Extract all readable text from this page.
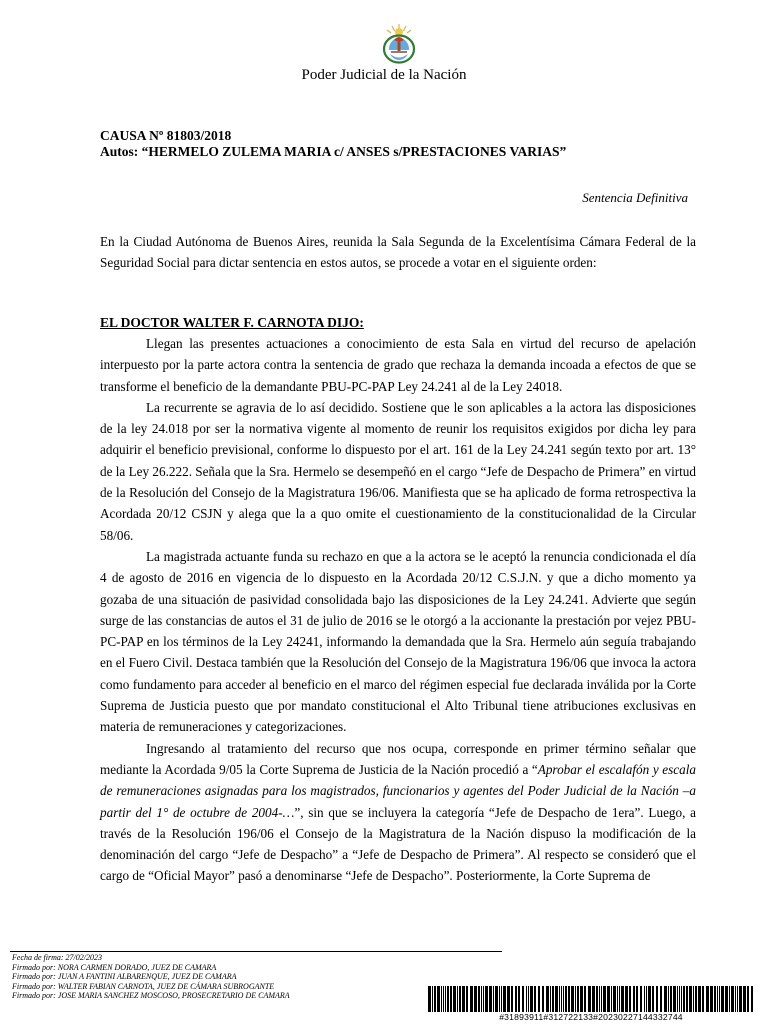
Poder Judicial de la Nación
CAUSA Nº 81803/2018
Autos: “HERMELO ZULEMA MARIA c/ ANSES s/PRESTACIONES VARIAS”
Sentencia Definitiva

En la Ciudad Autónoma de Buenos Aires, reunida la Sala Segunda de la Excelentísima Cámara Federal de la Seguridad Social para dictar sentencia en estos autos, se procede a votar en el siguiente orden:

EL DOCTOR WALTER F. CARNOTA DIJO:

Llegan las presentes actuaciones a conocimiento de esta Sala en virtud del recurso de apelación interpuesto por la parte actora contra la sentencia de grado que rechaza la demanda incoada a efectos de que se transforme el beneficio de la demandante PBU-PC-PAP Ley 24.241 al de la Ley 24018.

La recurrente se agravia de lo así decidido. Sostiene que le son aplicables a la actora las disposiciones de la ley 24.018 por ser la normativa vigente al momento de reunir los requisitos exigidos por dicha ley para adquirir el beneficio previsional, conforme lo dispuesto por el art. 161 de la Ley 24.241 según texto por art. 13° de la Ley 26.222. Señala que la Sra. Hermelo se desempeñó en el cargo “Jefe de Despacho de Primera” en virtud de la Resolución del Consejo de la Magistratura 196/06. Manifiesta que se ha aplicado de forma retrospectiva la Acordada 20/12 CSJN y alega que la a quo omite el cuestionamiento de la constitucionalidad de la Circular 58/06.

La magistrada actuante funda su rechazo en que a la actora se le aceptó la renuncia condicionada el día 4 de agosto de 2016 en vigencia de lo dispuesto en la Acordada 20/12 C.S.J.N. y que a dicho momento ya gozaba de una situación de pasividad consolidada bajo las disposiciones de la Ley 24.241. Advierte que según surge de las constancias de autos el 31 de julio de 2016 se le otorgó a la accionante la prestación por vejez PBU-PC-PAP en los términos de la Ley 24241, informando la demandada que la Sra. Hermelo aún seguía trabajando en el Fuero Civil. Destaca también que la Resolución del Consejo de la Magistratura 196/06 que invoca la actora como fundamento para acceder al beneficio en el marco del régimen especial fue declarada inválida por la Corte Suprema de Justicia puesto que por mandato constitucional el Alto Tribunal tiene atribuciones exclusivas en materia de remuneraciones y categorizaciones.

Ingresando al tratamiento del recurso que nos ocupa, corresponde en primer término señalar que mediante la Acordada 9/05 la Corte Suprema de Justicia de la Nación procedió a “Aprobar el escalafón y escala de remuneraciones asignadas para los magistrados, funcionarios y agentes del Poder Judicial de la Nación –a partir del 1° de octubre de 2004-…”, sin que se incluyera la categoría “Jefe de Despacho de 1era”. Luego, a través de la Resolución 196/06 el Consejo de la Magistratura de la Nación dispuso la modificación de la denominación del cargo “Jefe de Despacho” a “Jefe de Despacho de Primera”. Al respecto se consideró que el cargo de “Oficial Mayor” pasó a denominarse “Jefe de Despacho”. Posteriormente, la Corte Suprema de

Fecha de firma: 27/02/2023
Firmado por: NORA CARMEN DORADO, JUEZ DE CAMARA
Firmado por: JUAN A FANTINI ALBARENQUE, JUEZ DE CAMARA
Firmado por: WALTER FABIAN CARNOTA, JUEZ DE CÁMARA SUBROGANTE
Firmado por: JOSE MARIA SANCHEZ MOSCOSO, PROSECRETARIO DE CAMARA
#31893911#312722133#20230227144332744
